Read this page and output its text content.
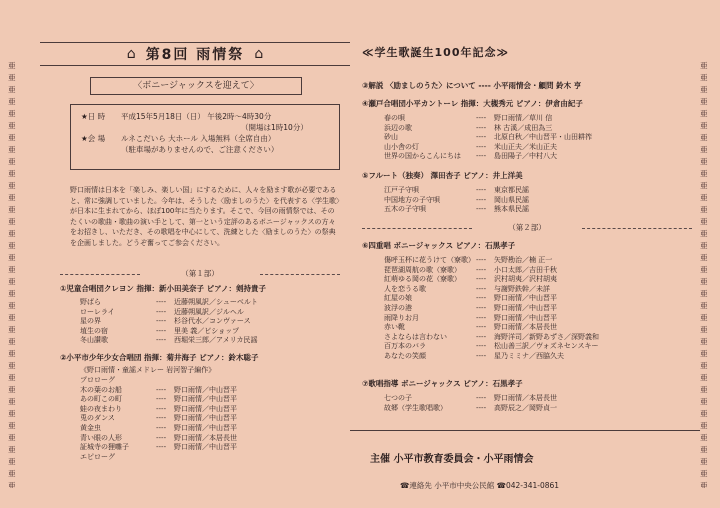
亜
亜
亜
亜
亜
亜
亜
亜
亜
亜
亜
亜
亜
亜
亜
亜
亜
亜
亜
亜
亜
亜
亜
亜
亜
亜
亜
亜
亜
亜
亜
亜
亜
亜
亜
亜
亜
亜
亜
亜
亜
亜
亜
亜
亜
亜
亜
亜
亜
亜
亜
亜
亜
亜
亜
亜
亜
亜
亜
亜
亜
亜
亜
亜
亜
亜
亜
亜
亜
亜
亜
亜
⌂ 第8回 雨情祭 ⌂	≪学生歌誕生100年記念≫
〈ボニージャックスを迎えて〉
★日 時	平成15年5月18日（日） 午後2時〜4時30分
（開場は1時10分）
★会 場	ルネこだいら 大ホール 入場無料（全席自由）
（駐車場がありませんので、ご注意ください）
野口雨情は日本を「楽しみ、楽しい国」にするために、人々を励ます歌が必要であると、常に強調していました。今年は、そうした〈励ましのうた〉を代表する〈学生歌〉が日本に生まれてから、ほぼ100年に当たります。そこで、今回の雨情祭では、そのたくいの歌曲・歌曲の演い手として、第一という定評のあるボニージャックスの方々をお招きし、いただき、その歌唱を中心にして、洗練とした〈励ましのうた〉の祭典を企画しました。どうぞ奮ってご参会ください。
（第１部）
①児童合唱団クレヨン 指揮：新小田美奈子 ピアノ：剣持貴子
野ばら	----	近藤朔風訳／シューベルト
ローレライ	----	近藤朔風訳／ジルヘル
星の界	----	杉谷代水／コンヴァース
埴生の宿	----	里美 義／ビショップ
冬山讃歌	----	西堀栄三郎／アメリカ民謡
②小平市少年少女合唱団 指揮：菊井海子 ピアノ：鈴木聡子
《野口雨情・童謡メドレー 岩河智子編作》
プロローグ
木の葉のお船	----	野口雨情／中山晋平
あの町この町	----	野口雨情／中山晋平
蛙の夜まわり	----	野口雨情／中山晋平
兎のダンス	----	野口雨情／中山晋平
黄金虫	----	野口雨情／中山晋平
青い眼の人形	----	野口雨情／本居長世
証城寺の狸囃子	----	野口雨情／中山晋平
エピローグ
③解説 〈励ましのうた〉について ---- 小平雨情会・顧問 鈴木 亨
④瀬戸合唱団小平カントーレ 指揮：大槻秀元 ピアノ：伊倉由紀子
春の唄	----	野口雨情／草川 信
浜辺の歌	----	林 古溪／成田為三
砂山	----	北原白秋／中山晋平・山田耕筰
山小舎の灯	----	米山正夫／米山正夫
世界の国からこんにちは	----	島田陽子／中村八大
⑤フルート（独奏） 澤田杏子 ピアノ：井上洋美
江戸子守唄	----	東京都民謡
中国地方の子守唄	----	岡山県民謡
五木の子守唄	----	熊本県民謡
（第２部）
⑥四重唱 ボニージャックス ピアノ：石黒孝子
傷呼玉杯に花うけて（寮歌） ----	矢野勘治／楠 正一
琵琶湖周航の歌（寮歌）	----	小口太郎／吉田千秋
紅萌ゆる岡の花（寮歌）	----	沢村胡夷／沢村胡夷
人を恋うる歌	----	与謝野鉄幹／未詳
紅屋の娘	----	野口雨情／中山晋平
波浮の港	----	野口雨情／中山晋平
雨降りお月	----	野口雨情／中山晋平
赤い靴	----	野口雨情／本居長世
さよならは言わない	----	海野洋司／新野あずさ／深野義和
百万本のバラ	----	松山善三訳／ヴォズネセンスキー
あなたの笑顔	----	星乃ミミナ／西脇久夫
⑦歌唱指導 ボニージャックス ピアノ：石黒孝子
七つの子	----	野口雨情／本居長世
故郷（学生歌唱歌）	----	高野辰之／岡野貞一
主催 小平市教育委員会・小平雨情会
☎連絡先 小平市中央公民館 ☎042-341-0861
